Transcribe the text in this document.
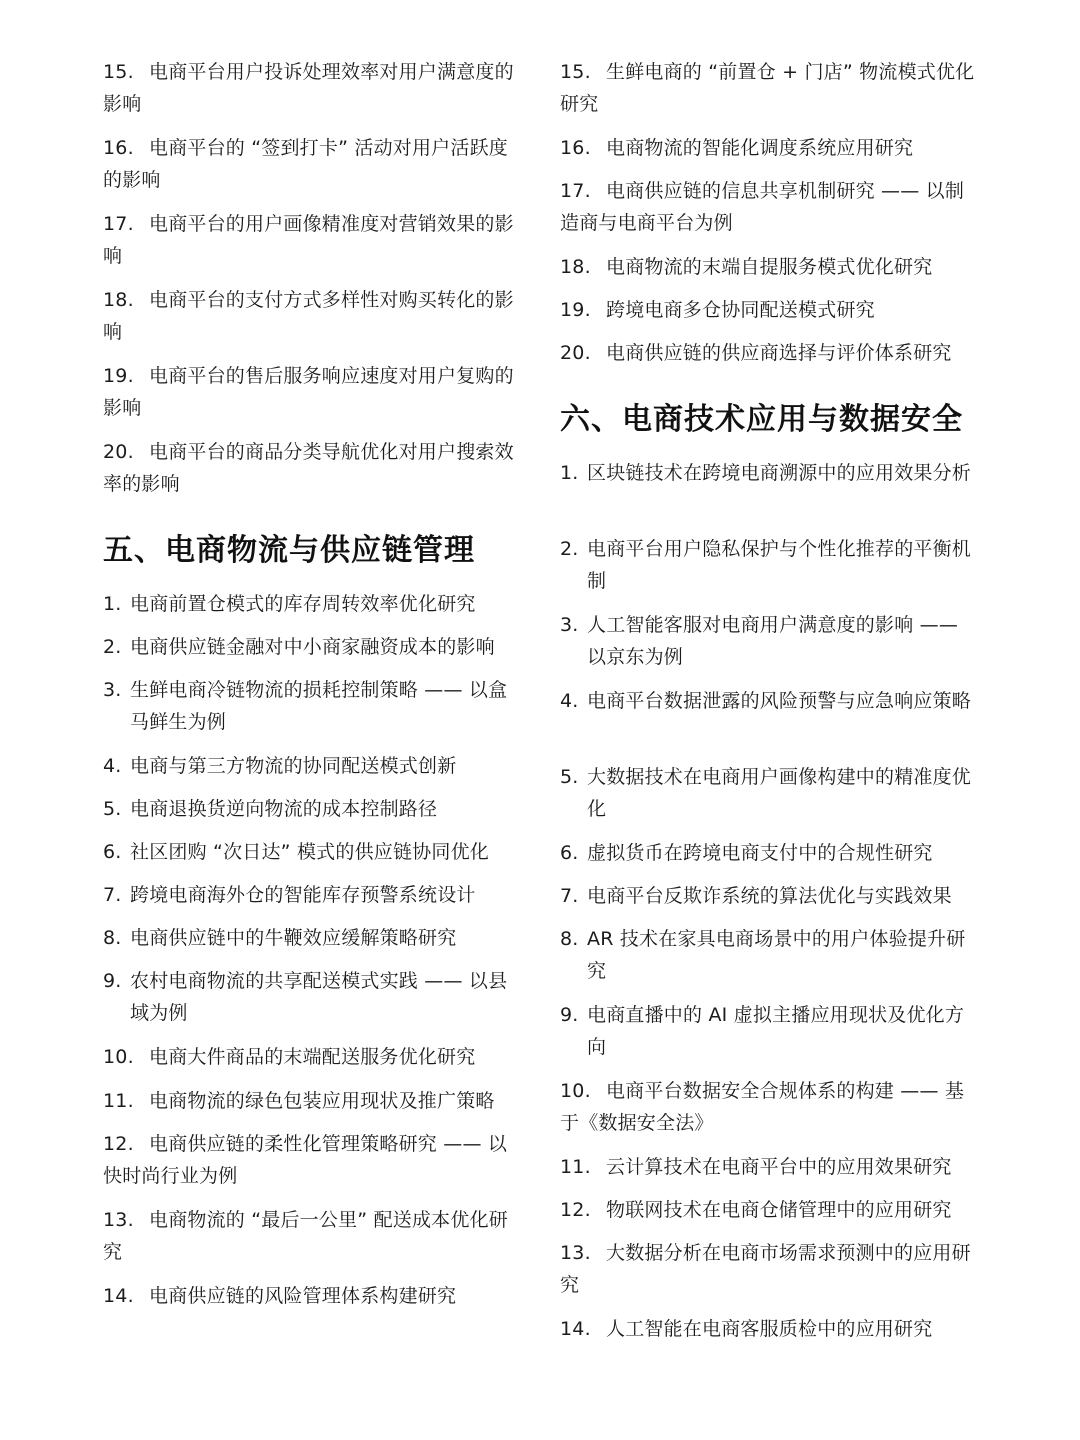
15. 电商平台用户投诉处理效率对用户满意度的影响
16. 电商平台的 “签到打卡” 活动对用户活跃度的影响
17. 电商平台的用户画像精准度对营销效果的影响
18. 电商平台的支付方式多样性对购买转化的影响
19. 电商平台的售后服务响应速度对用户复购的影响
20. 电商平台的商品分类导航优化对用户搜索效率的影响
五、电商物流与供应链管理
1. 电商前置仓模式的库存周转效率优化研究
2. 电商供应链金融对中小商家融资成本的影响
3. 生鲜电商冷链物流的损耗控制策略 —— 以盒马鲜生为例
4. 电商与第三方物流的协同配送模式创新
5. 电商退换货逆向物流的成本控制路径
6. 社区团购 “次日达” 模式的供应链协同优化
7. 跨境电商海外仓的智能库存预警系统设计
8. 电商供应链中的牛鞭效应缓解策略研究
9. 农村电商物流的共享配送模式实践 —— 以县域为例
10. 电商大件商品的末端配送服务优化研究
11. 电商物流的绿色包装应用现状及推广策略
12. 电商供应链的柔性化管理策略研究 —— 以快时尚行业为例
13. 电商物流的 “最后一公里” 配送成本优化研究
14. 电商供应链的风险管理体系构建研究
15. 生鲜电商的 “前置仓 + 门店” 物流模式优化研究
16. 电商物流的智能化调度系统应用研究
17. 电商供应链的信息共享机制研究 —— 以制造商与电商平台为例
18. 电商物流的末端自提服务模式优化研究
19. 跨境电商多仓协同配送模式研究
20. 电商供应链的供应商选择与评价体系研究
六、电商技术应用与数据安全
1. 区块链技术在跨境电商溯源中的应用效果分析
2. 电商平台用户隐私保护与个性化推荐的平衡机制
3. 人工智能客服对电商用户满意度的影响 —— 以京东为例
4. 电商平台数据泄露的风险预警与应急响应策略
5. 大数据技术在电商用户画像构建中的精准度优化
6. 虚拟货币在跨境电商支付中的合规性研究
7. 电商平台反欺诈系统的算法优化与实践效果
8. AR 技术在家具电商场景中的用户体验提升研究
9. 电商直播中的 AI 虚拟主播应用现状及优化方向
10. 电商平台数据安全合规体系的构建 —— 基于《数据安全法》
11. 云计算技术在电商平台中的应用效果研究
12. 物联网技术在电商仓储管理中的应用研究
13. 大数据分析在电商市场需求预测中的应用研究
14. 人工智能在电商客服质检中的应用研究
